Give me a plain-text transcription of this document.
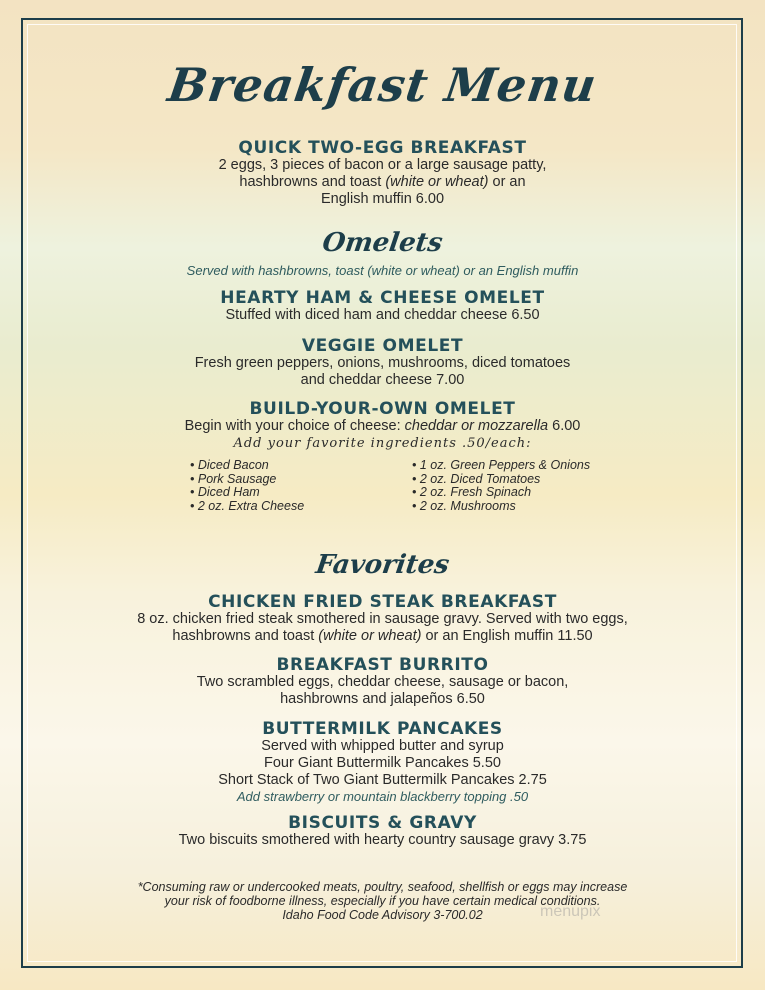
Breakfast Menu
QUICK TWO-EGG BREAKFAST
2 eggs, 3 pieces of bacon or a large sausage patty,
hashbrowns and toast (white or wheat) or an
English muffin 6.00
Omelets
Served with hashbrowns, toast (white or wheat) or an English muffin
HEARTY HAM & CHEESE OMELET
Stuffed with diced ham and cheddar cheese 6.50
VEGGIE OMELET
Fresh green peppers, onions, mushrooms, diced tomatoes
and cheddar cheese 7.00
BUILD-YOUR-OWN OMELET
Begin with your choice of cheese: cheddar or mozzarella 6.00
Add your favorite ingredients .50/each:
• Diced Bacon
• Pork Sausage
• Diced Ham
• 2 oz. Extra Cheese
• 1 oz. Green Peppers & Onions
• 2 oz. Diced Tomatoes
• 2 oz. Fresh Spinach
• 2 oz. Mushrooms
Favorites
CHICKEN FRIED STEAK BREAKFAST
8 oz. chicken fried steak smothered in sausage gravy. Served with two eggs,
hashbrowns and toast (white or wheat) or an English muffin 11.50
BREAKFAST BURRITO
Two scrambled eggs, cheddar cheese, sausage or bacon,
hashbrowns and jalapeños 6.50
BUTTERMILK PANCAKES
Served with whipped butter and syrup
Four Giant Buttermilk Pancakes 5.50
Short Stack of Two Giant Buttermilk Pancakes 2.75
Add strawberry or mountain blackberry topping .50
BISCUITS & GRAVY
Two biscuits smothered with hearty country sausage gravy 3.75
*Consuming raw or undercooked meats, poultry, seafood, shellfish or eggs may increase
your risk of foodborne illness, especially if you have certain medical conditions.
Idaho Food Code Advisory 3-700.02	menupix
